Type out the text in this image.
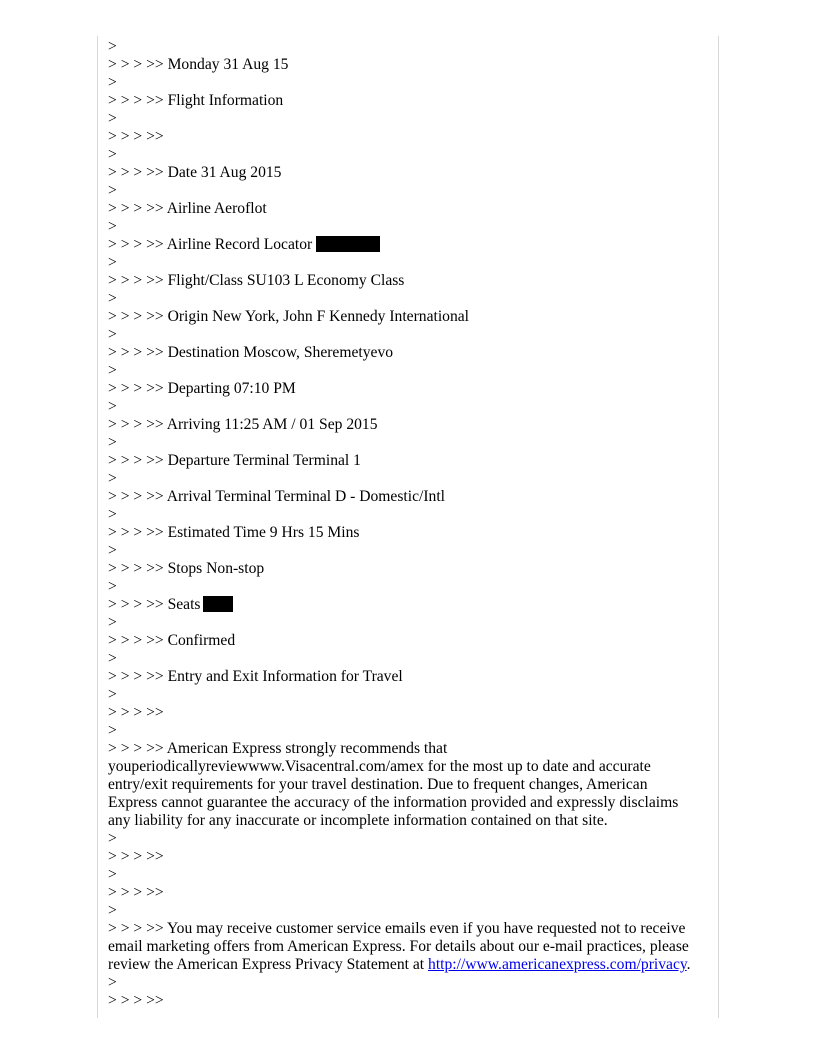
>
> > > >> Monday 31 Aug 15
>
> > > >> Flight Information
>
> > > >>
>
> > > >> Date 31 Aug 2015
>
> > > >> Airline Aeroflot
>
> > > >> Airline Record Locator
>
> > > >> Flight/Class SU103 L Economy Class
>
> > > >> Origin New York, John F Kennedy International
>
> > > >> Destination Moscow, Sheremetyevo
>
> > > >> Departing 07:10 PM
>
> > > >> Arriving 11:25 AM / 01 Sep 2015
>
> > > >> Departure Terminal Terminal 1
>
> > > >> Arrival Terminal Terminal D - Domestic/Intl
>
> > > >> Estimated Time 9 Hrs 15 Mins
>
> > > >> Stops Non-stop
>
> > > >> Seats
>
> > > >> Confirmed
>
> > > >> Entry and Exit Information for Travel
>
> > > >>
>
> > > >> American Express strongly recommends that
youperiodicallyreviewwww.Visacentral.com/amex for the most up to date and accurate
entry/exit requirements for your travel destination. Due to frequent changes, American
Express cannot guarantee the accuracy of the information provided and expressly disclaims
any liability for any inaccurate or incomplete information contained on that site.
>
> > > >>
>
> > > >>
>
> > > >> You may receive customer service emails even if you have requested not to receive
email marketing offers from American Express. For details about our e-mail practices, please
review the American Express Privacy Statement at http://www.americanexpress.com/privacy.
>
> > > >>
